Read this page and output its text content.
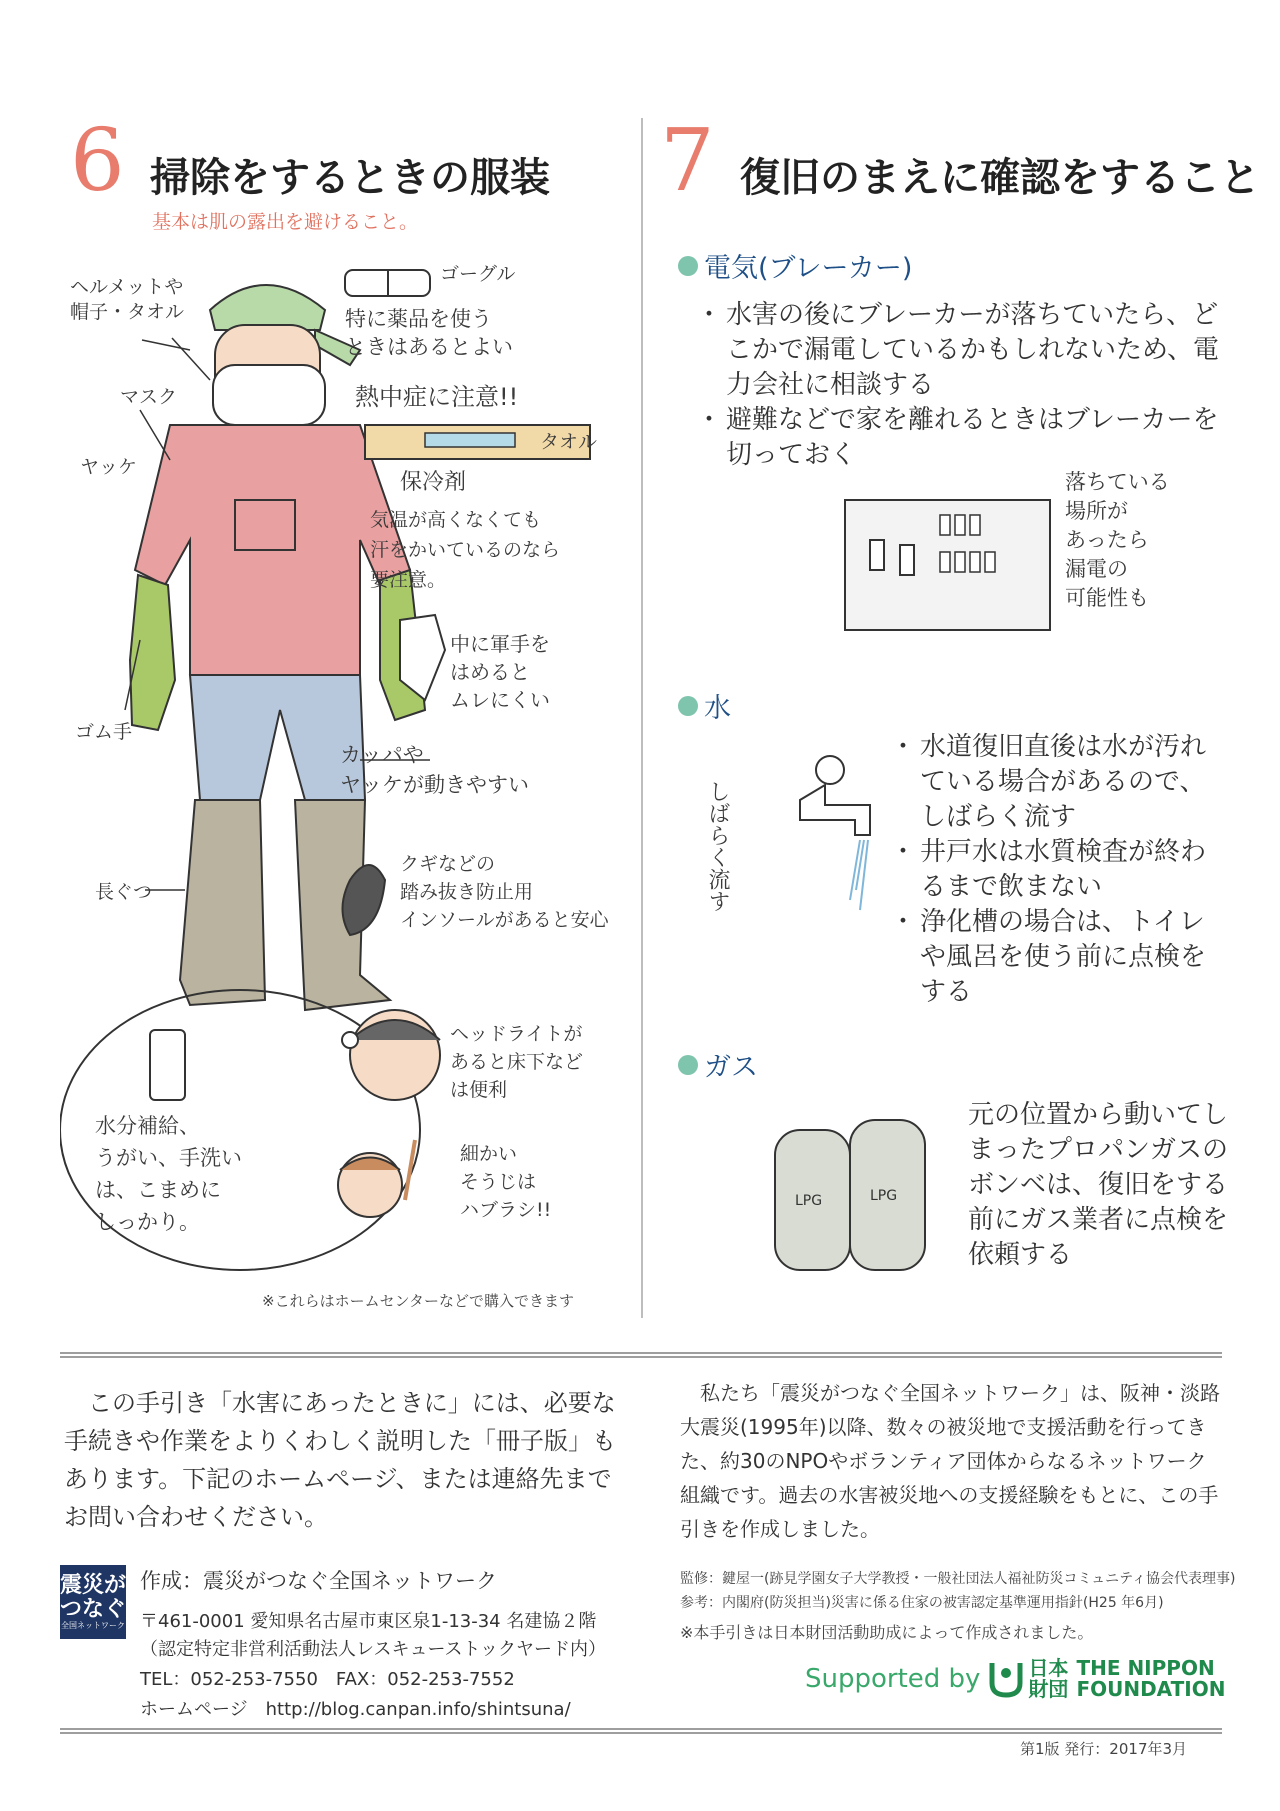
6 掃除をするときの服装
基本は肌の露出を避けること。
ヘルメットや
帽子・タオル
マスク
ヤッケ
ゴム手
長ぐつ
ゴーグル
特に薬品を使う
ときはあるとよい
熱中症に注意!!
タオル
保冷剤
気温が高くなくても
汗をかいているのなら
要注意。
中に軍手を
はめると
ムレにくい
カッパや
ヤッケが動きやすい
クギなどの
踏み抜き防止用
インソールがあると安心
水分補給、
うがい、手洗い
は、こまめに
しっかり。
ヘッドライトが
あると床下など
は便利
細かい
そうじは
ハブラシ!!
※これらはホームセンターなどで購入できます
7 復旧のまえに確認をすること
電気(ブレーカー)
・ 水害の後にブレーカーが落ちていたら、どこかで漏電しているかもしれないため、電力会社に相談する
・ 避難などで家を離れるときはブレーカーを切っておく
落ちている
場所が
あったら
漏電の
可能性も
水
しばらく流す
・ 水道復旧直後は水が汚れている場合があるので、しばらく流す
・ 井戸水は水質検査が終わるまで飲まない
・ 浄化槽の場合は、トイレや風呂を使う前に点検をする
ガス
LPG	LPG
元の位置から動いてしまったプロパンガスのボンベは、復旧をする前にガス業者に点検を依頼する
この手引き「水害にあったときに」には、必要な手続きや作業をよりくわしく説明した「冊子版」もあります。下記のホームページ、または連絡先までお問い合わせください。
震災が
つなぐ
全国ネットワーク
作成：震災がつなぐ全国ネットワーク
〒461-0001 愛知県名古屋市東区泉1-13-34 名建協２階
（認定特定非営利活動法人レスキューストックヤード内）
TEL：052-253-7550　FAX：052-253-7552
ホームページ　http://blog.canpan.info/shintsuna/
私たち「震災がつなぐ全国ネットワーク」は、阪神・淡路大震災(1995年)以降、数々の被災地で支援活動を行ってきた、約30のNPOやボランティア団体からなるネットワーク組織です。過去の水害被災地への支援経験をもとに、この手引きを作成しました。
監修：鍵屋一(跡見学園女子大学教授・一般社団法人福祉防災コミュニティ協会代表理事)
参考：内閣府(防災担当)災害に係る住家の被害認定基準運用指針(H25 年6月)
※本手引きは日本財団活動助成によって作成されました。
Supported by 日本
財団
THE NIPPON
FOUNDATION
第1版 発行：2017年3月
